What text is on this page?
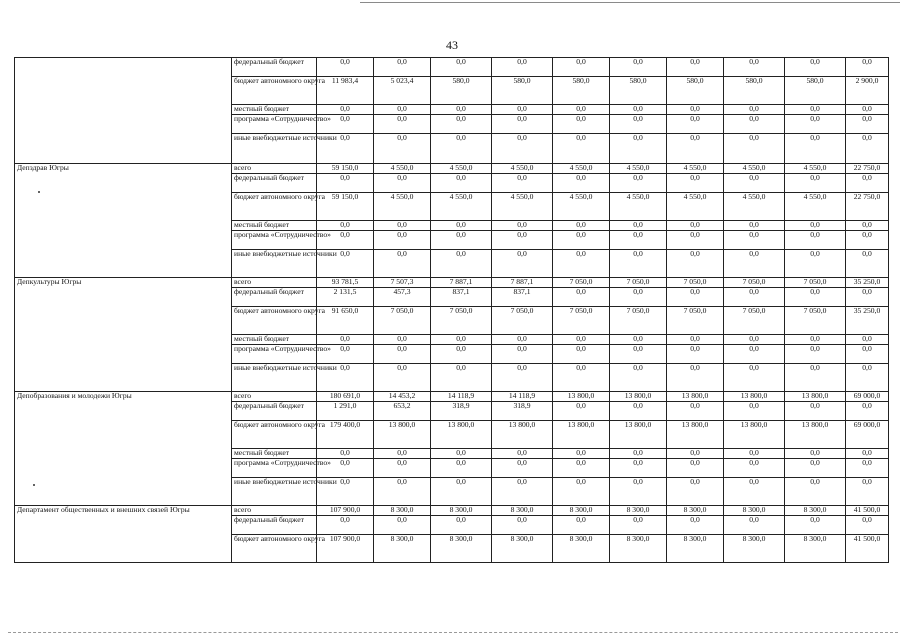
43
	федеральный бюджет	0,0	0,0	0,0	0,0	0,0	0,0	0,0	0,0	0,0	0,0
	бюджет автономного округа	11 983,4	5 023,4	580,0	580,0	580,0	580,0	580,0	580,0	580,0	2 900,0
	местный бюджет	0,0	0,0	0,0	0,0	0,0	0,0	0,0	0,0	0,0	0,0
	программа «Сотрудничество»	0,0	0,0	0,0	0,0	0,0	0,0	0,0	0,0	0,0	0,0
	иные внебюджетные источники	0,0	0,0	0,0	0,0	0,0	0,0	0,0	0,0	0,0	0,0
Депздрав Югры	всего	59 150,0	4 550,0	4 550,0	4 550,0	4 550,0	4 550,0	4 550,0	4 550,0	4 550,0	22 750,0
	федеральный бюджет	0,0	0,0	0,0	0,0	0,0	0,0	0,0	0,0	0,0	0,0
	бюджет автономного округа	59 150,0	4 550,0	4 550,0	4 550,0	4 550,0	4 550,0	4 550,0	4 550,0	4 550,0	22 750,0
	местный бюджет	0,0	0,0	0,0	0,0	0,0	0,0	0,0	0,0	0,0	0,0
	программа «Сотрудничество»	0,0	0,0	0,0	0,0	0,0	0,0	0,0	0,0	0,0	0,0
	иные внебюджетные источники	0,0	0,0	0,0	0,0	0,0	0,0	0,0	0,0	0,0	0,0
Депкультуры Югры	всего	93 781,5	7 507,3	7 887,1	7 887,1	7 050,0	7 050,0	7 050,0	7 050,0	7 050,0	35 250,0
	федеральный бюджет	2 131,5	457,3	837,1	837,1	0,0	0,0	0,0	0,0	0,0	0,0
	бюджет автономного округа	91 650,0	7 050,0	7 050,0	7 050,0	7 050,0	7 050,0	7 050,0	7 050,0	7 050,0	35 250,0
	местный бюджет	0,0	0,0	0,0	0,0	0,0	0,0	0,0	0,0	0,0	0,0
	программа «Сотрудничество»	0,0	0,0	0,0	0,0	0,0	0,0	0,0	0,0	0,0	0,0
	иные внебюджетные источники	0,0	0,0	0,0	0,0	0,0	0,0	0,0	0,0	0,0	0,0
Депобразования и молодежи Югры	всего	180 691,0	14 453,2	14 118,9	14 118,9	13 800,0	13 800,0	13 800,0	13 800,0	13 800,0	69 000,0
	федеральный бюджет	1 291,0	653,2	318,9	318,9	0,0	0,0	0,0	0,0	0,0	0,0
	бюджет автономного округа	179 400,0	13 800,0	13 800,0	13 800,0	13 800,0	13 800,0	13 800,0	13 800,0	13 800,0	69 000,0
	местный бюджет	0,0	0,0	0,0	0,0	0,0	0,0	0,0	0,0	0,0	0,0
	программа «Сотрудничество»	0,0	0,0	0,0	0,0	0,0	0,0	0,0	0,0	0,0	0,0
	иные внебюджетные источники	0,0	0,0	0,0	0,0	0,0	0,0	0,0	0,0	0,0	0,0
Департамент общественных и внешних связей Югры	всего	107 900,0	8 300,0	8 300,0	8 300,0	8 300,0	8 300,0	8 300,0	8 300,0	8 300,0	41 500,0
	федеральный бюджет	0,0	0,0	0,0	0,0	0,0	0,0	0,0	0,0	0,0	0,0
	бюджет автономного округа	107 900,0	8 300,0	8 300,0	8 300,0	8 300,0	8 300,0	8 300,0	8 300,0	8 300,0	41 500,0
